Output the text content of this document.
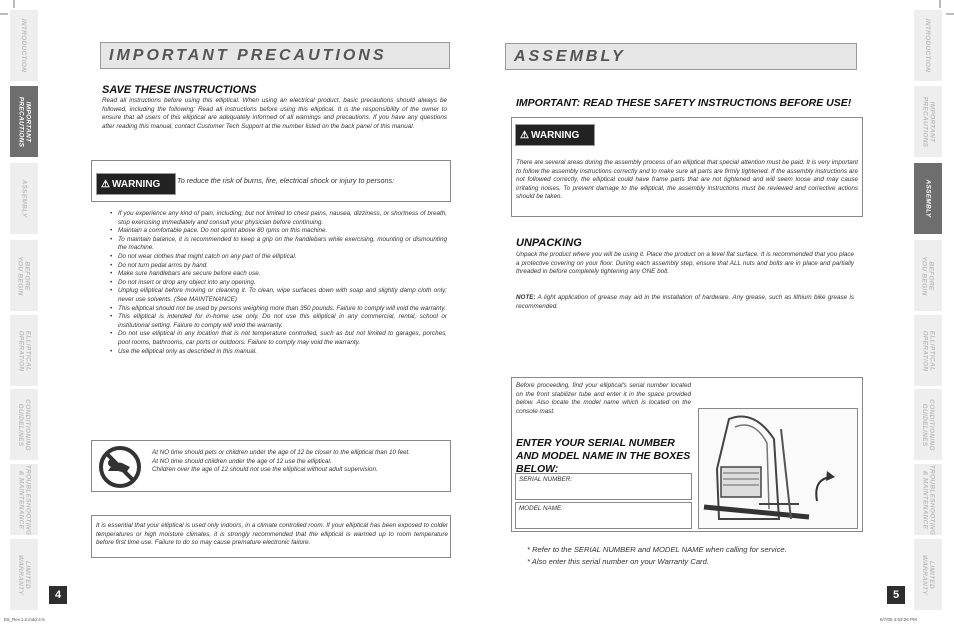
INTRODUCTION
IMPORTANT
PRECAUTIONS
ASSEMBLY
BEFORE
YOU BEGIN
ELLIPTICAL
OPERATION
CONDITIONING
GUIDELINES
TROUBLESHOOTING
& MAINTENANCE
LIMITED
WARRANTY
INTRODUCTION
IMPORTANT
PRECAUTIONS
ASSEMBLY
BEFORE
YOU BEGIN
ELLIPTICAL
OPERATION
CONDITIONING
GUIDELINES
TROUBLESHOOTING
& MAINTENANCE
LIMITED
WARRANTY
IMPORTANT PRECAUTIONS
SAVE THESE INSTRUCTIONS
Read all instructions before using this elliptical. When using an electrical product, basic precautions should always be followed, including the following: Read all instructions before using this elliptical. It is the responsibility of the owner to ensure that all users of this elliptical are adequately informed of all warnings and precautions. If you have any questions after reading this manual, contact Customer Tech Support at the number listed on the back panel of this manual.
⚠ WARNING To reduce the risk of burns, fire, electrical shock or injury to persons:
• If you experience any kind of pain, including, but not limited to chest pains, nausea, dizziness, or shortness of breath, stop exercising immediately and consult your physician before continuing.
• Maintain a comfortable pace. Do not sprint above 80 rpms on this machine.
• To maintain balance, it is recommended to keep a grip on the handlebars while exercising, mounting or dismounting the machine.
• Do not wear clothes that might catch on any part of the elliptical.
• Do not turn pedal arms by hand.
• Make sure handlebars are secure before each use.
• Do not insert or drop any object into any opening.
• Unplug elliptical before moving or cleaning it. To clean, wipe surfaces down with soap and slightly damp cloth only; never use solvents. (See MAINTENANCE)
• This elliptical should not be used by persons weighing more than 350 pounds. Failure to comply will void the warranty.
• This elliptical is intended for in-home use only. Do not use this elliptical in any commercial, rental, school or institutional setting. Failure to comply will void the warranty.
• Do not use elliptical in any location that is not temperature controlled, such as but not limited to garages, porches, pool rooms, bathrooms, car ports or outdoors. Failure to comply may void the warranty.
• Use the elliptical only as described in this manual.
At NO time should pets or children under the age of 12 be closer to the elliptical than 10 feet.
At NO time should children under the age of 12 use the elliptical.
Children over the age of 12 should not use the elliptical without adult supervision.
It is essential that your elliptical is used only indoors, in a climate controlled room. If your elliptical has been exposed to colder temperatures or high moisture climates, it is strongly recommended that the elliptical is warmed up to room temperature before first time use. Failure to do so may cause premature electronic failure.
4
ASSEMBLY
IMPORTANT: READ THESE SAFETY INSTRUCTIONS BEFORE USE!
⚠ WARNING
There are several areas during the assembly process of an elliptical that special attention must be paid. It is very important to follow the assembly instructions correctly and to make sure all parts are firmly tightened. If the assembly instructions are not followed correctly, the elliptical could have frame parts that are not tightened and will seem loose and may cause irritating noises. To prevent damage to the elliptical, the assembly instructions must be reviewed and corrective actions should be taken.
UNPACKING
Unpack the product where you will be using it. Place the product on a level flat surface. It is recommended that you place a protective covering on your floor. During each assembly step, ensure that ALL nuts and bolts are in place and partially threaded in before completely tightening any ONE bolt.
NOTE: A light application of grease may aid in the installation of hardware. Any grease, such as lithium bike grease is recommended.
Before proceeding, find your elliptical's serial number located on the front stabilizer tube and enter it in the space provided below. Also locate the model name which is located on the console mast.
ENTER YOUR SERIAL NUMBER AND MODEL NAME IN THE BOXES BELOW:
SERIAL NUMBER:
MODEL NAME:
* Refer to the SERIAL NUMBER and MODEL NAME when calling for service.
* Also enter this serial number on your Warranty Card.
5
E6_Rev.1.2.indd 4-5	6/7/05 4:53:26 PM
